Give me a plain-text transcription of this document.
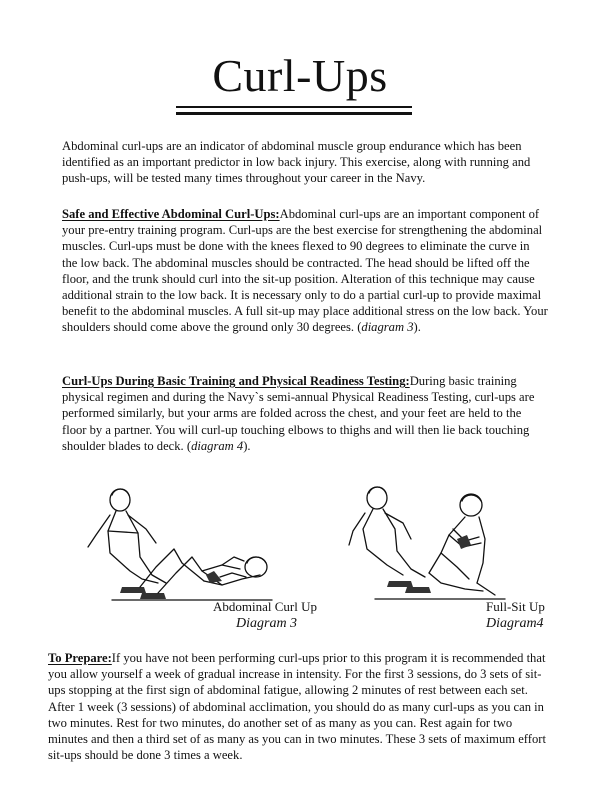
Curl-Ups

Abdominal curl-ups are an indicator of abdominal muscle group endurance which has been identified as an important predictor in low back injury. This exercise, along with running and push-ups, will be tested many times throughout your career in the Navy.

Safe and Effective Abdominal Curl-Ups:Abdominal curl-ups are an important component of your pre-entry training program. Curl-ups are the best exercise for strengthening the abdominal muscles. Curl-ups must be done with the knees flexed to 90 degrees to eliminate the curve in the low back. The abdominal muscles should be contracted. The head should be lifted off the floor, and the trunk should curl into the sit-up position. Alteration of this technique may cause additional strain to the low back. It is necessary only to do a partial curl-up to provide maximal benefit to the abdominal muscles. A full sit-up may place additional stress on the low back. Your shoulders should come above the ground only 30 degrees. (diagram 3).

Curl-Ups During Basic Training and Physical Readiness Testing:During basic training physical regimen and during the Navy`s semi-annual Physical Readiness Testing, curl-ups are performed similarly, but your arms are folded across the chest, and your feet are held to the floor by a partner. You will curl-up touching elbows to thighs and will then lie back touching shoulder blades to deck. (diagram 4).

Abdominal Curl Up

Diagram 3

Full-Sit Up

Diagram4

To Prepare:If you have not been performing curl-ups prior to this program it is recommended that you allow yourself a week of gradual increase in intensity. For the first 3 sessions, do 3 sets of sit-ups stopping at the first sign of abdominal fatigue, allowing 2 minutes of rest between each set. After 1 week (3 sessions) of abdominal acclimation, you should do as many curl-ups as you can in two minutes. Rest for two minutes, do another set of as many as you can. Rest again for two minutes and then a third set of as many as you can in two minutes. These 3 sets of maximum effort sit-ups should be done 3 times a week.
